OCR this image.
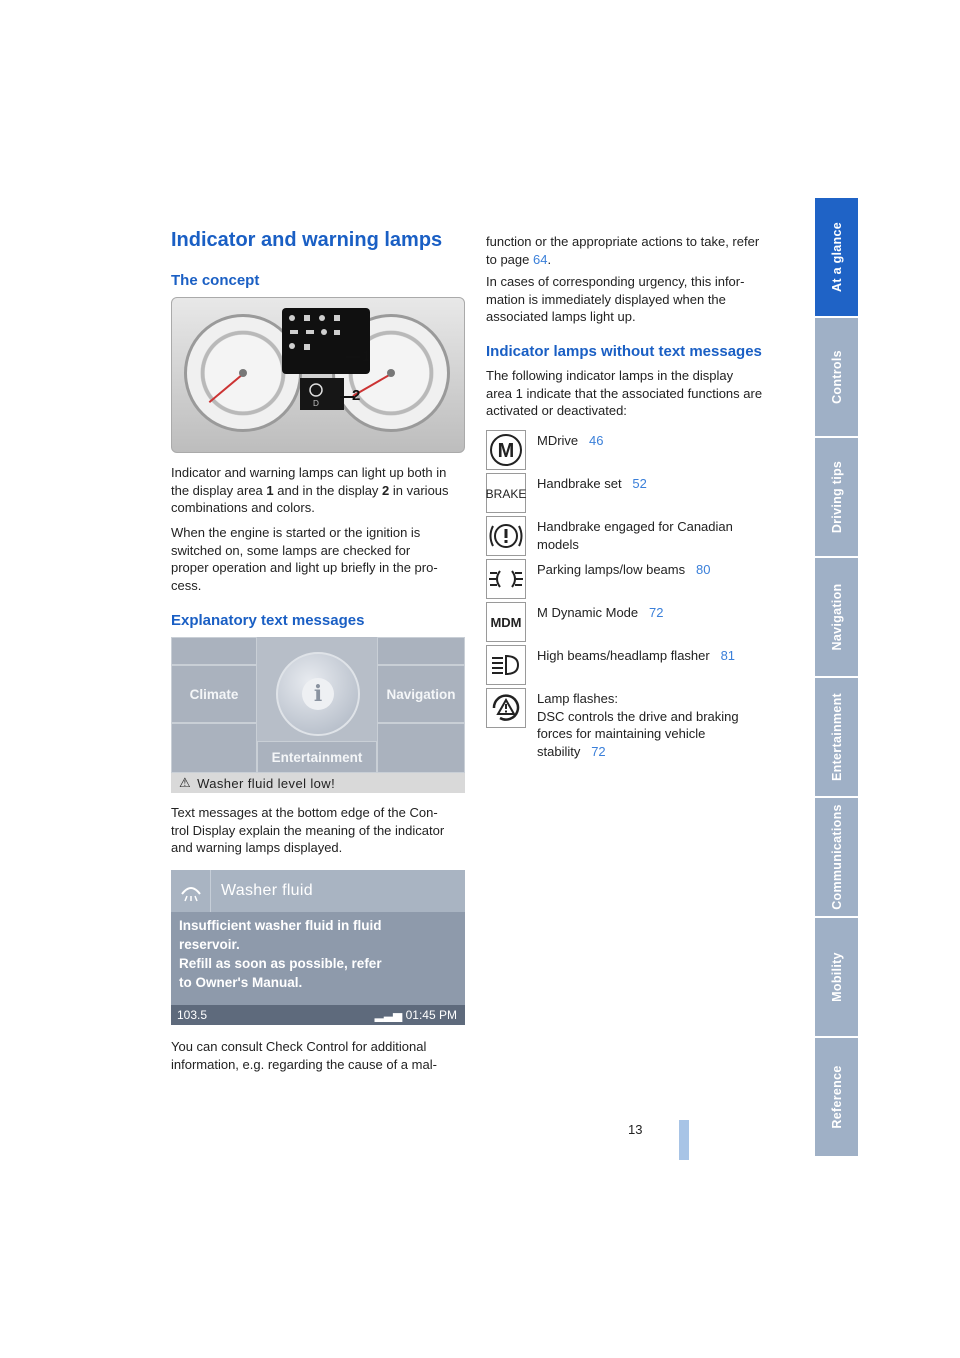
At a glance
Controls
Driving tips
Navigation
Entertainment
Communications
Mobility
Reference
Indicator and warning lamps
The concept
D
1
2
Indicator and warning lamps can light up both in
the display area 1 and in the display 2 in various
combinations and colors.
When the engine is started or the ignition is
switched on, some lamps are checked for
proper operation and light up briefly in the pro-
cess.
Explanatory text messages
Climate	Navigation
Entertainment
i
⚠ Washer fluid level low!
Text messages at the bottom edge of the Con-
trol Display explain the meaning of the indicator
and warning lamps displayed.
Washer fluid
Insufficient washer fluid in fluid
reservoir.
Refill as soon as possible, refer
to Owner's Manual.
103.5	▂▃▅ 01:45 PM
You can consult Check Control for additional
information, e.g. regarding the cause of a mal-
function or the appropriate actions to take, refer
to page 64.
In cases of corresponding urgency, this infor-
mation is immediately displayed when the
associated lamps light up.
Indicator lamps without text messages
The following indicator lamps in the display
area 1 indicate that the associated functions are
activated or deactivated:
M MDrive 46
BRAKE
Handbrake set 52
Handbrake engaged for Canadian
models
Parking lamps/low beams 80
MDM
M Dynamic Mode 72
High beams/headlamp flasher 81
Lamp flashes:
DSC controls the drive and braking
forces for maintaining vehicle
stability 72
13
